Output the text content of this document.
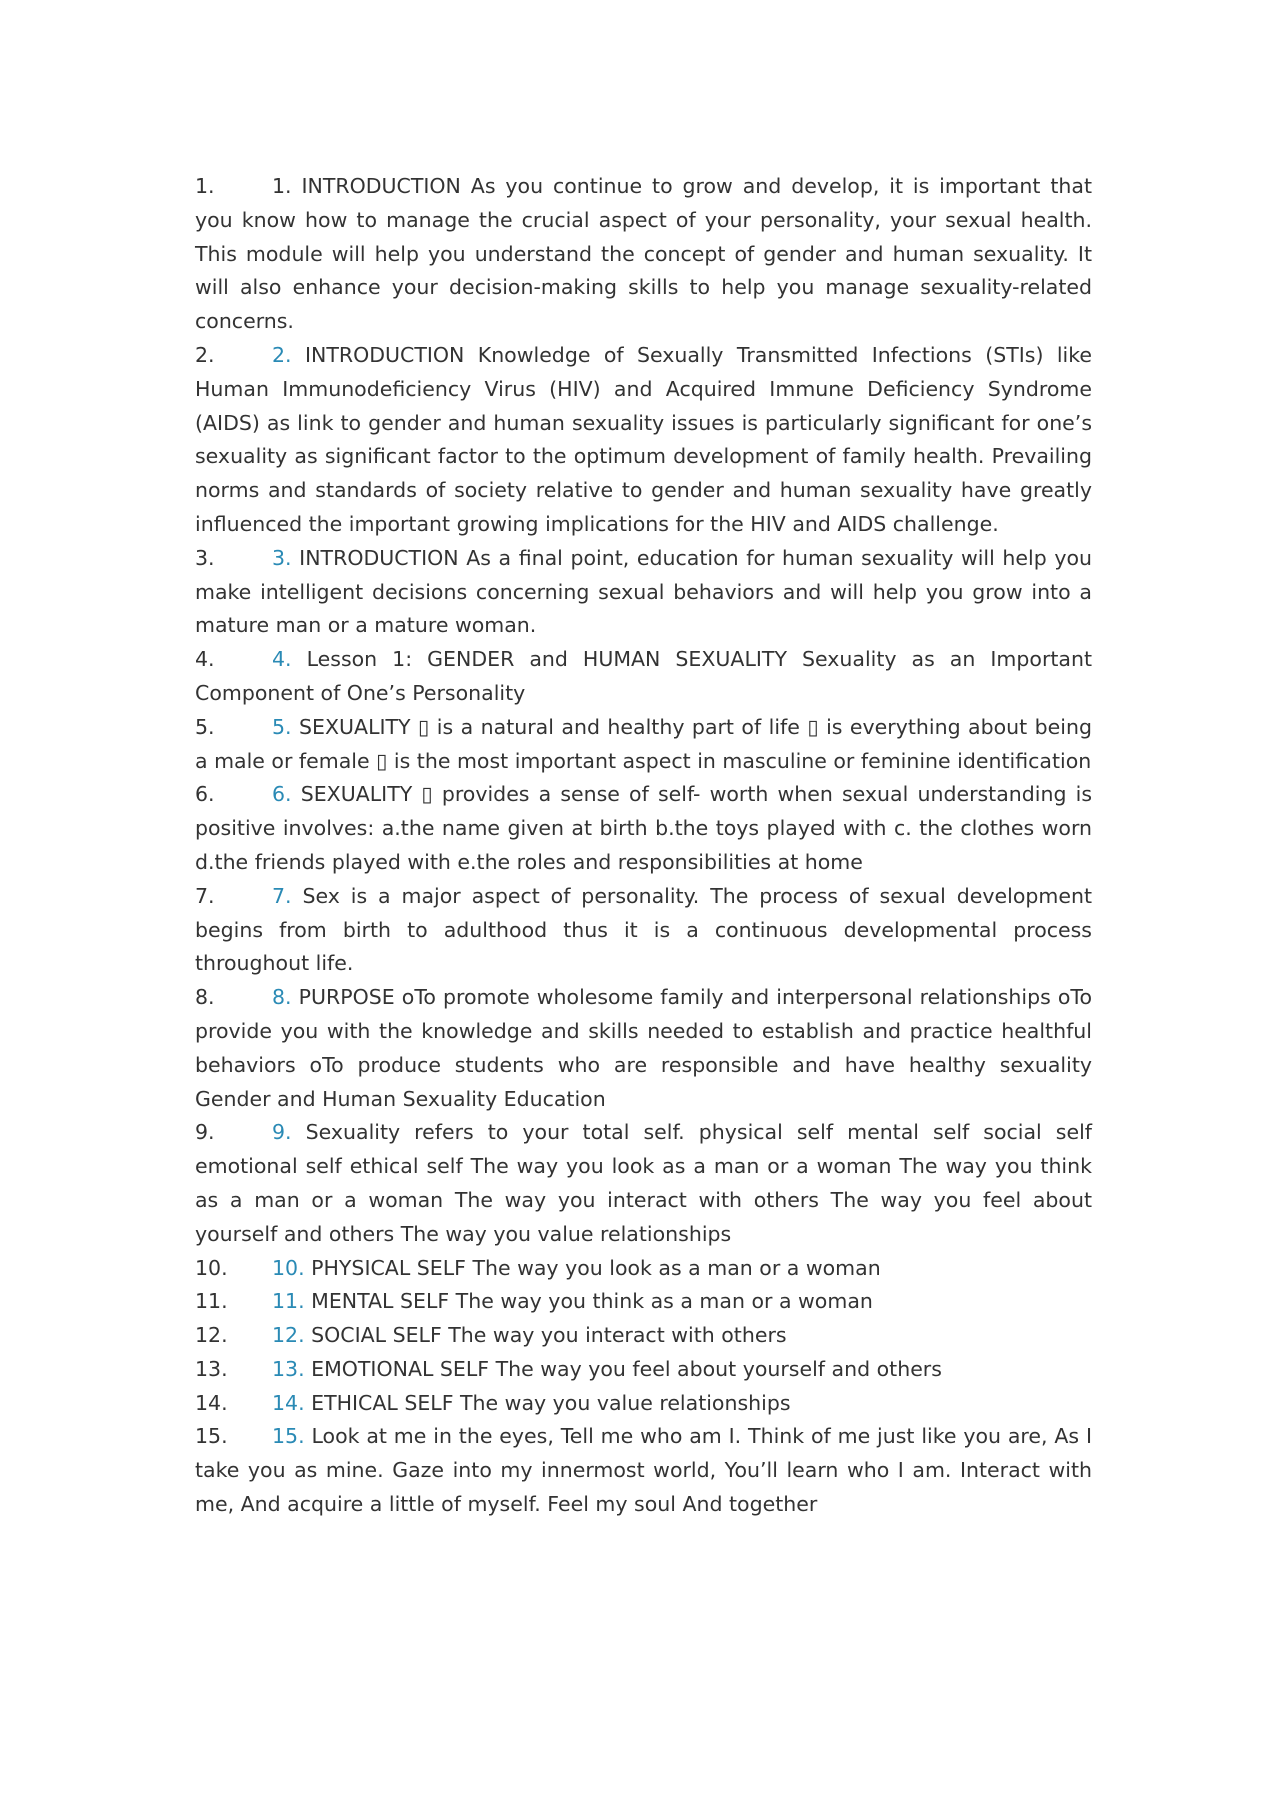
1.	1. INTRODUCTION As you continue to grow and develop, it is important that you know how to manage the crucial aspect of your personality, your sexual health. This module will help you understand the concept of gender and human sexuality. It will also enhance your decision-making skills to help you manage sexuality-related concerns.

2.	2. INTRODUCTION Knowledge of Sexually Transmitted Infections (STIs) like Human Immunodeficiency Virus (HIV) and Acquired Immune Deficiency Syndrome (AIDS) as link to gender and human sexuality issues is particularly significant for one’s sexuality as significant factor to the optimum development of family health. Prevailing norms and standards of society relative to gender and human sexuality have greatly influenced the important growing implications for the HIV and AIDS challenge.

3.	3. INTRODUCTION As a final point, education for human sexuality will help you make intelligent decisions concerning sexual behaviors and will help you grow into a mature man or a mature woman.

4.	4. Lesson 1: GENDER and HUMAN SEXUALITY Sexuality as an Important Component of One’s Personality

5.	5. SEXUALITY ▯ is a natural and healthy part of life ▯ is everything about being a male or female ▯ is the most important aspect in masculine or feminine identification

6.	6. SEXUALITY ▯ provides a sense of self- worth when sexual understanding is positive involves: a.the name given at birth b.the toys played with c. the clothes worn d.the friends played with e.the roles and responsibilities at home

7.	7. Sex is a major aspect of personality. The process of sexual development begins from birth to adulthood thus it is a continuous developmental process throughout life.

8.	8. PURPOSE oTo promote wholesome family and interpersonal relationships oTo provide you with the knowledge and skills needed to establish and practice healthful behaviors oTo produce students who are responsible and have healthy sexuality Gender and Human Sexuality Education

9.	9. Sexuality refers to your total self. physical self mental self social self emotional self ethical self The way you look as a man or a woman The way you think as a man or a woman The way you interact with others The way you feel about yourself and others The way you value relationships

10. 10. PHYSICAL SELF The way you look as a man or a woman

11. 11. MENTAL SELF The way you think as a man or a woman

12. 12. SOCIAL SELF The way you interact with others

13. 13. EMOTIONAL SELF The way you feel about yourself and others

14. 14. ETHICAL SELF The way you value relationships

15. 15. Look at me in the eyes, Tell me who am I. Think of me just like you are, As I take you as mine. Gaze into my innermost world, You’ll learn who I am. Interact with me, And acquire a little of myself. Feel my soul And together
